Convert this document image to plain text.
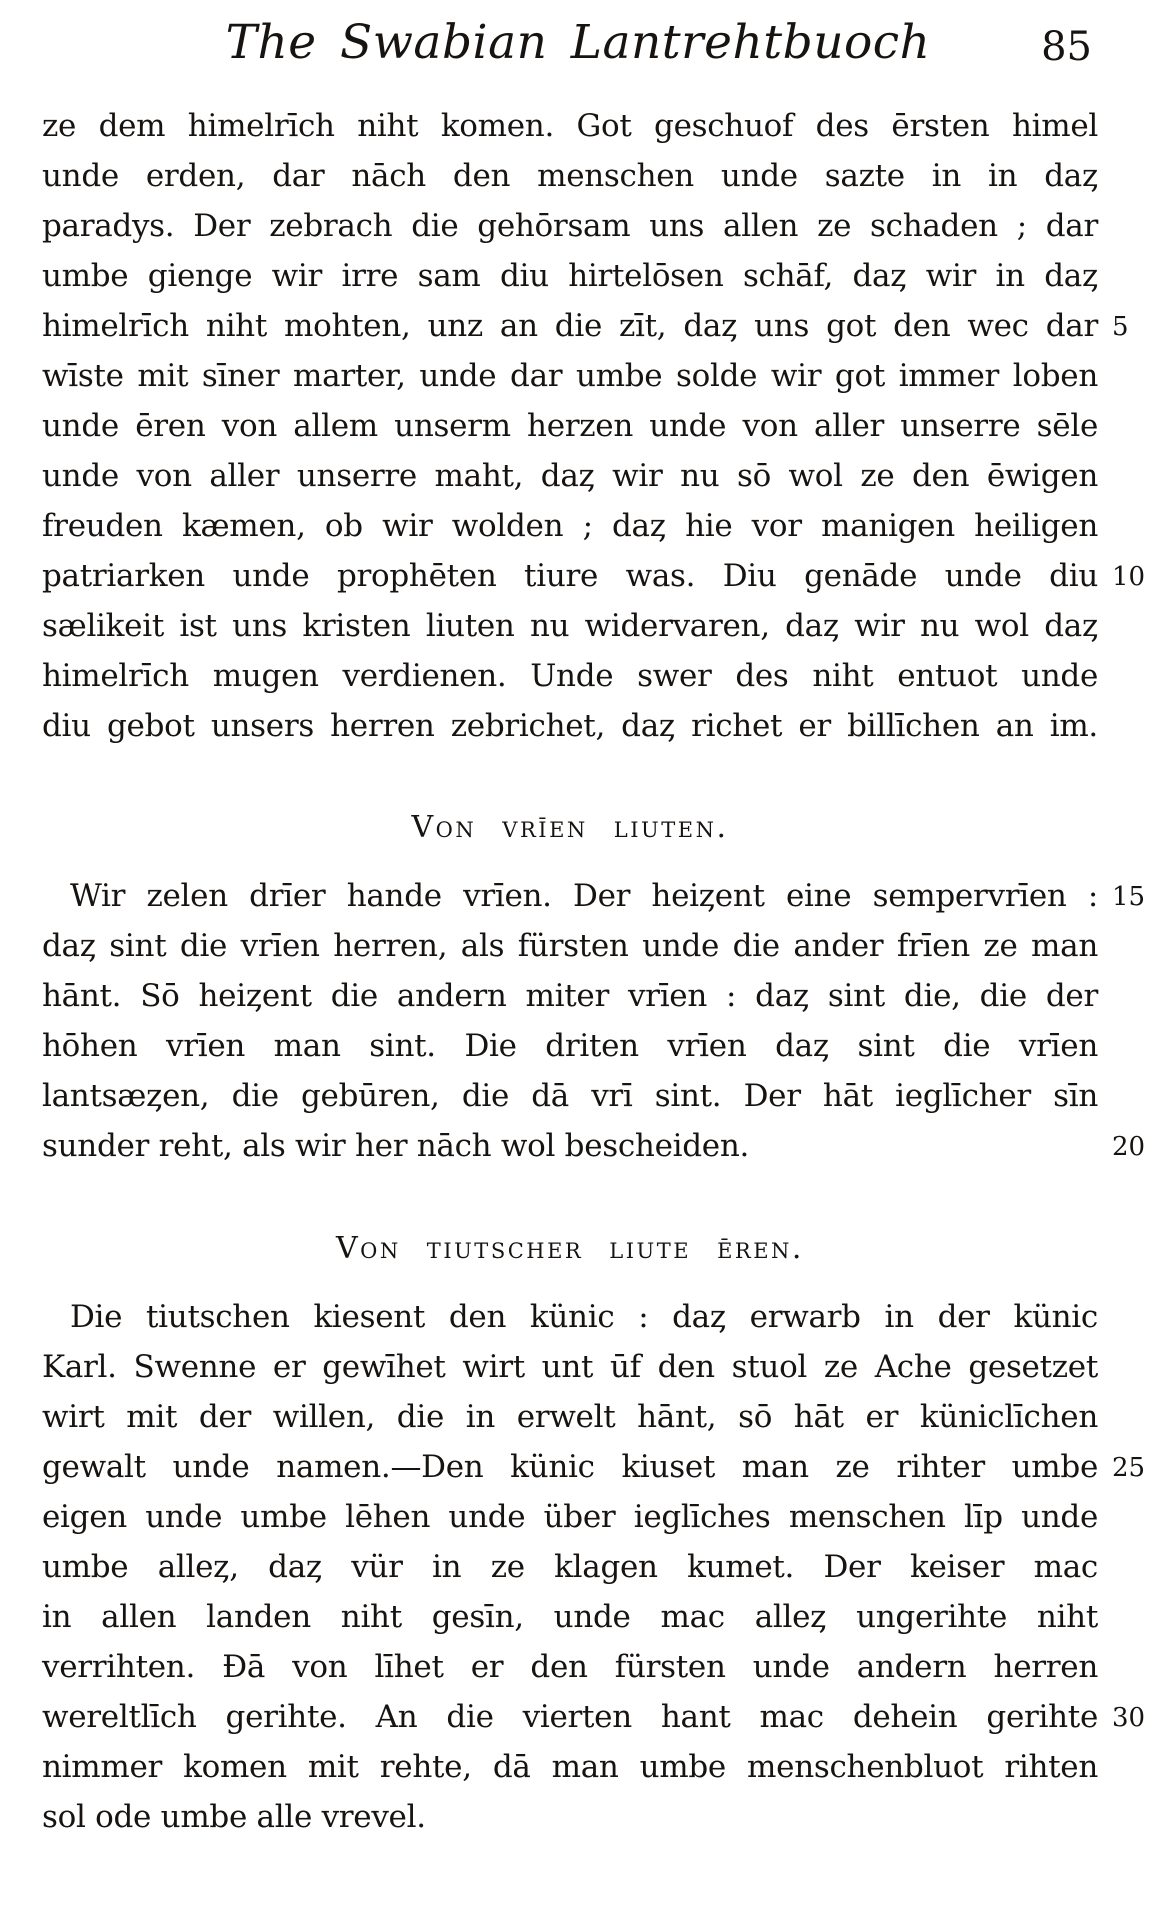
The Swabian Lantrehtbuoch	85
ze dem himelrīch niht komen. Got geschuof des ērsten himel
unde erden, dar nāch den menschen unde sazte in in daȥ
paradys. Der zebrach die gehōrsam uns allen ze schaden ; dar
umbe gienge wir irre sam diu hirtelōsen schāf, daȥ wir in daȥ
himelrīch niht mohten, unz an die zīt, daȥ uns got den wec dar 5
wīste mit sīner marter, unde dar umbe solde wir got immer loben
unde ēren von allem unserm herzen unde von aller unserre sēle
unde von aller unserre maht, daȥ wir nu sō wol ze den ēwigen
freuden kæmen, ob wir wolden ; daȥ hie vor manigen heiligen
patriarken unde prophēten tiure was. Diu genāde unde diu 10
sælikeit ist uns kristen liuten nu widervaren, daȥ wir nu wol daȥ
himelrīch mugen verdienen. Unde swer des niht entuot unde
diu gebot unsers herren zebrichet, daȥ richet er billīchen an im.
Von vrīen liuten.
Wir zelen drīer hande vrīen. Der heiȥent eine sempervrīen : 15
daȥ sint die vrīen herren, als fürsten unde die ander frīen ze man
hānt. Sō heiȥent die andern miter vrīen : daȥ sint die, die der
hōhen vrīen man sint. Die driten vrīen daȥ sint die vrīen
lantsæȥen, die gebūren, die dā vrī sint. Der hāt ieglīcher sīn
sunder reht, als wir her nāch wol bescheiden.	20
Von tiutscher liute ēren.
Die tiutschen kiesent den künic : daȥ erwarb in der künic
Karl. Swenne er gewīhet wirt unt ūf den stuol ze Ache gesetzet
wirt mit der willen, die in erwelt hānt, sō hāt er küniclīchen
gewalt unde namen.—Den künic kiuset man ze rihter umbe 25
eigen unde umbe lēhen unde über ieglīches menschen līp unde
umbe alleȥ, daȥ vür in ze klagen kumet. Der keiser mac
in allen landen niht gesīn, unde mac alleȥ ungerihte niht
verrihten. Ðā von līhet er den fürsten unde andern herren
wereltlīch gerihte. An die vierten hant mac dehein gerihte 30
nimmer komen mit rehte, dā man umbe menschenbluot rihten
sol ode umbe alle vrevel.
